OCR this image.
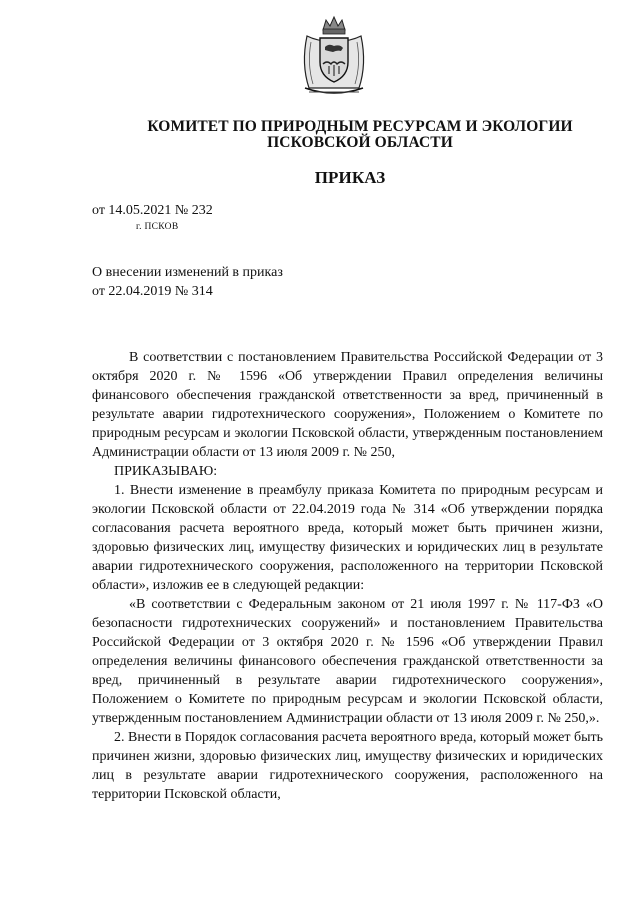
КОМИТЕТ ПО ПРИРОДНЫМ РЕСУРСАМ И ЭКОЛОГИИ
ПСКОВСКОЙ ОБЛАСТИ
ПРИКАЗ
от 14.05.2021 № 232
г. ПСКОВ
О внесении изменений в приказ
от 22.04.2019 № 314

В соответствии с постановлением Правительства Российской Федерации от 3 октября 2020 г. № 1596 «Об утверждении Правил определения величины финансового обеспечения гражданской ответственности за вред, причиненный в результате аварии гидротехнического сооружения», Положением о Комитете по природным ресурсам и экологии Псковской области, утвержденным постановлением Администрации области от 13 июля 2009 г. № 250,

ПРИКАЗЫВАЮ:

1. Внести изменение в преамбулу приказа Комитета по природным ресурсам и экологии Псковской области от 22.04.2019 года № 314 «Об утверждении порядка согласования расчета вероятного вреда, который может быть причинен жизни, здоровью физических лиц, имуществу физических и юридических лиц в результате аварии гидротехнического сооружения, расположенного на территории Псковской области», изложив ее в следующей редакции:

«В соответствии с Федеральным законом от 21 июля 1997 г. № 117-ФЗ «О безопасности гидротехнических сооружений» и постановлением Правительства Российской Федерации от 3 октября 2020 г. № 1596 «Об утверждении Правил определения величины финансового обеспечения гражданской ответственности за вред, причиненный в результате аварии гидротехнического сооружения», Положением о Комитете по природным ресурсам и экологии Псковской области, утвержденным постановлением Администрации области от 13 июля 2009 г. № 250,».

2. Внести в Порядок согласования расчета вероятного вреда, который может быть причинен жизни, здоровью физических лиц, имуществу физических и юридических лиц в результате аварии гидротехнического сооружения, расположенного на территории Псковской области,
